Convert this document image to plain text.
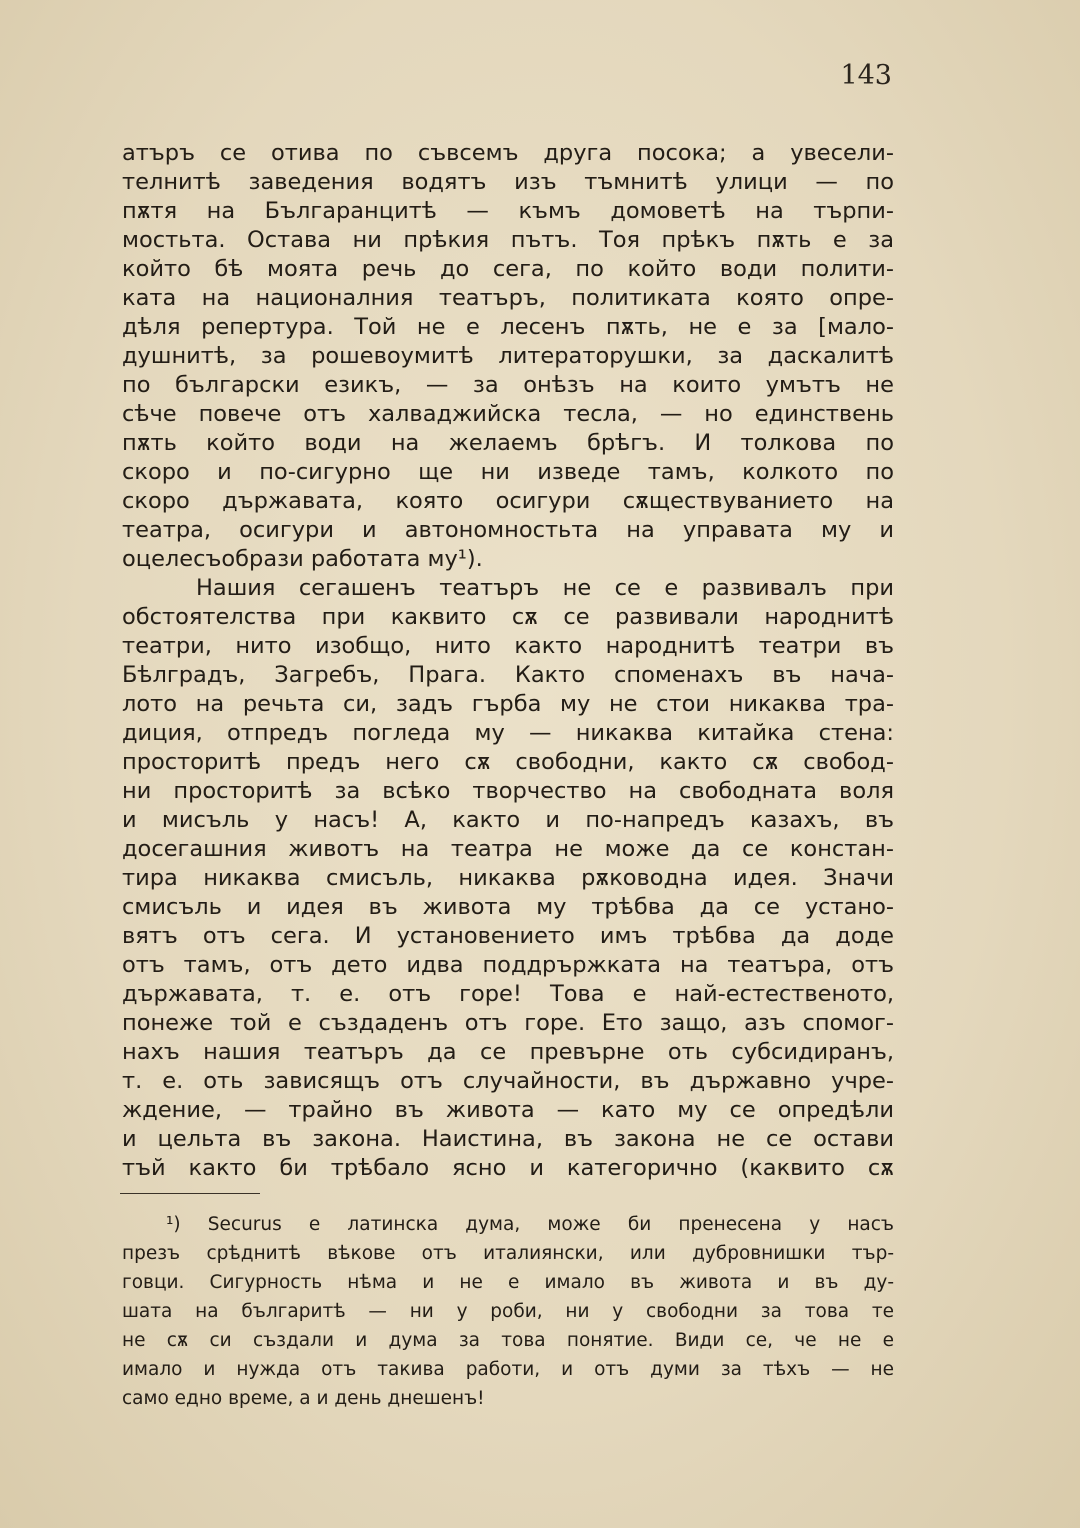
143
атъръ се отива по съвсемъ друга посока; а увесели-
телнитѣ заведения водятъ изъ тъмнитѣ улици — по
пѫтя на Българанцитѣ — къмъ домоветѣ на търпи-
мостьта. Остава ни прѣкия пътъ. Тоя прѣкъ пѫть е за
който бѣ моята речь до сега, по който води полити-
ката на националния театъръ, политиката която опре-
дѣля репертура. Той не е лесенъ пѫть, не е за [мало-
душнитѣ, за рошевоумитѣ литераторушки, за даскалитѣ
по български езикъ, — за онѣзъ на които умътъ не
сѣче повече отъ халваджийска тесла, — но единствень
пѫть който води на желаемъ брѣгъ. И толкова по
скоро и по-сигурно ще ни изведе тамъ, колкото по
скоро държавата, която осигури сѫществуванието на
театра, осигури и автономностьта на управата му и
оцелесъобрази работата му¹).
Нашия сегашенъ театъръ не се е развивалъ при
обстоятелства при каквито сѫ се развивали народнитѣ
театри, нито изобщо, нито както народнитѣ театри въ
Бѣлградъ, Загребъ, Прага. Както споменахъ въ нача-
лото на речьта си, задъ гърба му не стои никаква тра-
диция, отпредъ погледа му — никаква китайка стена:
просторитѣ предъ него сѫ свободни, както сѫ свобод-
ни просторитѣ за всѣко творчество на свободната воля
и мисъль у насъ! А, както и по-напредъ казахъ, въ
досегашния животъ на театра не може да се констан-
тира никаква смисъль, никаква рѫководна идея. Значи
смисъль и идея въ живота му трѣбва да се устано-
вятъ отъ сега. И установението имъ трѣбва да доде
отъ тамъ, отъ дето идва поддрържката на театъра, отъ
държавата, т. е. отъ горе! Това е най-естественото,
понеже той е създаденъ отъ горе. Ето защо, азъ спомог-
нахъ нашия театъръ да се превърне оть субсидиранъ,
т. е. оть зависящъ отъ случайности, въ държавно учре-
ждение, — трайно въ живота — като му се опредѣли
и цельта въ закона. Наистина, въ закона не се остави
тъй както би трѣбало ясно и категорично (каквито сѫ
¹) Securus е латинска дума, може би пренесена у насъ
презъ срѣднитѣ вѣкове отъ италиянски, или дубровнишки тър-
говци. Сигурность нѣма и не е имало въ живота и въ ду-
шата на българитѣ — ни у роби, ни у свободни за това те
не сѫ си създали и дума за това понятие. Види се, че не е
имало и нужда отъ такива работи, и отъ думи за тѣхъ — не
само едно време, а и день днешенъ!
